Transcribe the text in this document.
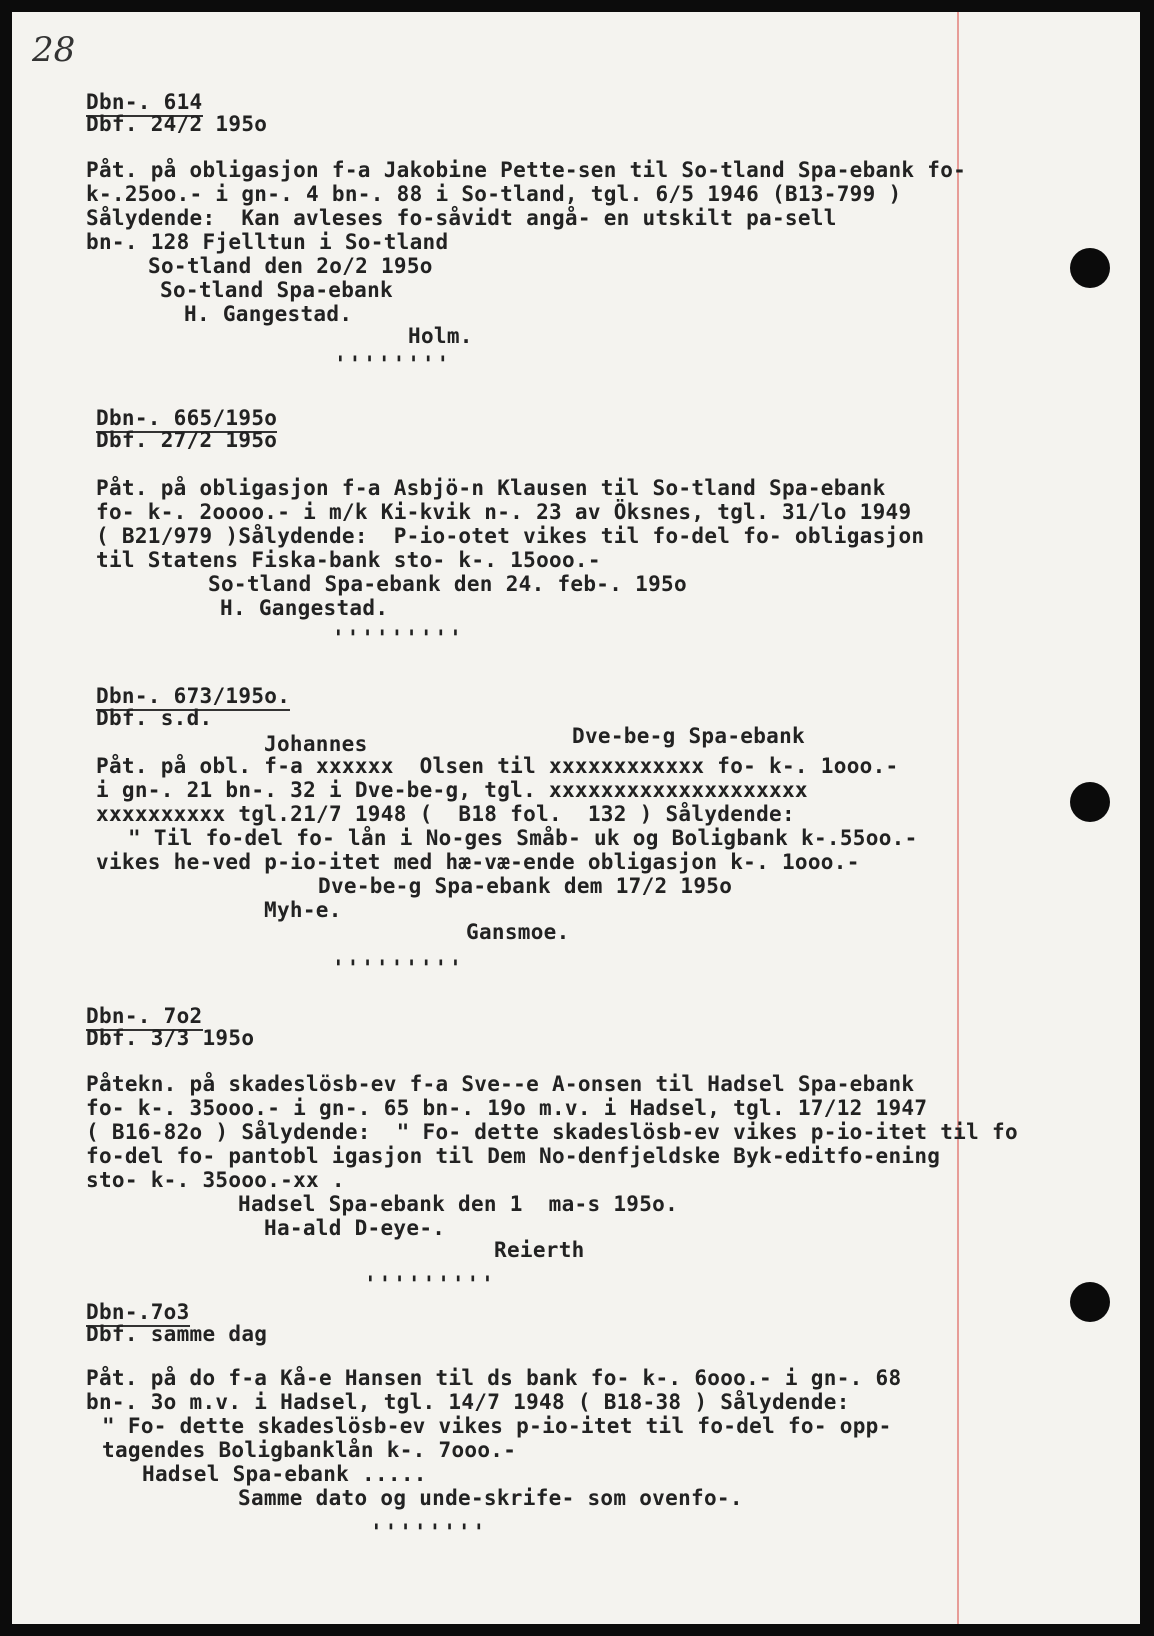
28
Dbn-. 614
Dbf. 24/2 195o
Påt. på obligasjon f-a Jakobine Pette-sen til So-tland Spa-ebank fo-
k-.25oo.- i gn-. 4 bn-. 88 i So-tland, tgl. 6/5 1946 (B13-799 )
Sålydende:  Kan avleses fo-såvidt angå- en utskilt pa-sell
bn-. 128 Fjelltun i So-tland
So-tland den 2o/2 195o
So-tland Spa-ebank
H. Gangestad.
Holm.
''''''''
Dbn-. 665/195o
Dbf. 27/2 195o
Påt. på obligasjon f-a Asbjö-n Klausen til So-tland Spa-ebank
fo- k-. 2oooo.- i m/k Ki-kvik n-. 23 av Öksnes, tgl. 31/lo 1949
( B21/979 )Sålydende:  P-io-otet vikes til fo-del fo- obligasjon
til Statens Fiska-bank sto- k-. 15ooo.-
So-tland Spa-ebank den 24. feb-. 195o
H. Gangestad.
'''''''''
Dbn-. 673/195o.
Dbf. s.d.
Johannes	Dve-be-g Spa-ebank
Påt. på obl. f-a xxxxxx  Olsen til xxxxxxxxxxxx fo- k-. 1ooo.-
i gn-. 21 bn-. 32 i Dve-be-g, tgl. xxxxxxxxxxxxxxxxxxxx
xxxxxxxxxx tgl.21/7 1948 (  B18 fol.  132 ) Sålydende:
" Til fo-del fo- lån i No-ges Småb- uk og Boligbank k-.55oo.-
vikes he-ved p-io-itet med hæ-væ-ende obligasjon k-. 1ooo.-
Dve-be-g Spa-ebank dem 17/2 195o
Myh-e.
Gansmoe.
'''''''''
Dbn-. 7o2
Dbf. 3/3 195o
Påtekn. på skadeslösb-ev f-a Sve--e A-onsen til Hadsel Spa-ebank
fo- k-. 35ooo.- i gn-. 65 bn-. 19o m.v. i Hadsel, tgl. 17/12 1947
( B16-82o ) Sålydende:  " Fo- dette skadeslösb-ev vikes p-io-itet til fo
fo-del fo- pantobl igasjon til Dem No-denfjeldske Byk-editfo-ening
sto- k-. 35ooo.-xx .
Hadsel Spa-ebank den 1  ma-s 195o.
Ha-ald D-eye-.
Reierth
'''''''''
Dbn-.7o3
Dbf. samme dag
Påt. på do f-a Kå-e Hansen til ds bank fo- k-. 6ooo.- i gn-. 68
bn-. 3o m.v. i Hadsel, tgl. 14/7 1948 ( B18-38 ) Sålydende:
" Fo- dette skadeslösb-ev vikes p-io-itet til fo-del fo- opp-
tagendes Boligbanklån k-. 7ooo.-
Hadsel Spa-ebank .....
Samme dato og unde-skrife- som ovenfo-.
''''''''
